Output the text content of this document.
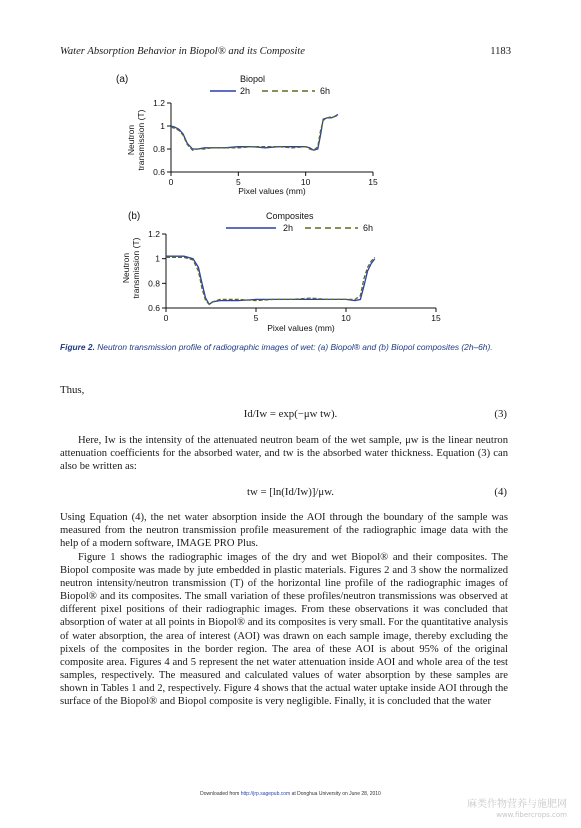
Water Absorption Behavior in Biopol® and its Composite	1183
(a)	Biopol
2h	6h
Neutron transmission (T)
0	5	10	15
0.6
0.8
1
1.2
Pixel values (mm)
(b)	Composites
2h	6h
Neutron transmission (T)
0	5	10	15
0.6
0.8
1
1.2
Pixel values (mm)
Figure 2. Neutron transmission profile of radiographic images of wet: (a) Biopol® and (b) Biopol composites (2h–6h).
Thus,
Id/Iw = exp(−μw tw).	(3)

Here, Iw is the intensity of the attenuated neutron beam of the wet sample, μw is the linear neutron attenuation coefficients for the absorbed water, and tw is the absorbed water thickness. Equation (3) can also be written as:

tw = [ln(Id/Iw)]/μw.	(4)

Using Equation (4), the net water absorption inside the AOI through the boundary of the sample was measured from the neutron transmission profile measurement of the radiographic image data with the help of a modern software, IMAGE PRO Plus.

Figure 1 shows the radiographic images of the dry and wet Biopol® and their composites. The Biopol composite was made by jute embedded in plastic materials. Figures 2 and 3 show the normalized neutron intensity/neutron transmission (T) of the horizontal line profile of the radiographic images of Biopol® and its composites. The small variation of these profiles/neutron transmissions was observed at different pixel positions of their radiographic images. From these observations it was concluded that absorption of water at all points in Biopol® and its composites is very small. For the quantitative analysis of water absorption, the area of interest (AOI) was drawn on each sample image, thereby excluding the pixels of the composites in the border region. The area of these AOI is about 95% of the original composite area. Figures 4 and 5 represent the net water attenuation inside AOI and whole area of the test samples, respectively. The measured and calculated values of water absorption by these samples are shown in Tables 1 and 2, respectively. Figure 4 shows that the actual water uptake inside AOI through the surface of the Biopol® and Biopol composite is very negligible. Finally, it is concluded that the water

Downloaded from http://jrp.sagepub.com at Donghua University on June 28, 2010
麻类作物营养与施肥网
www.fibercrops.com
